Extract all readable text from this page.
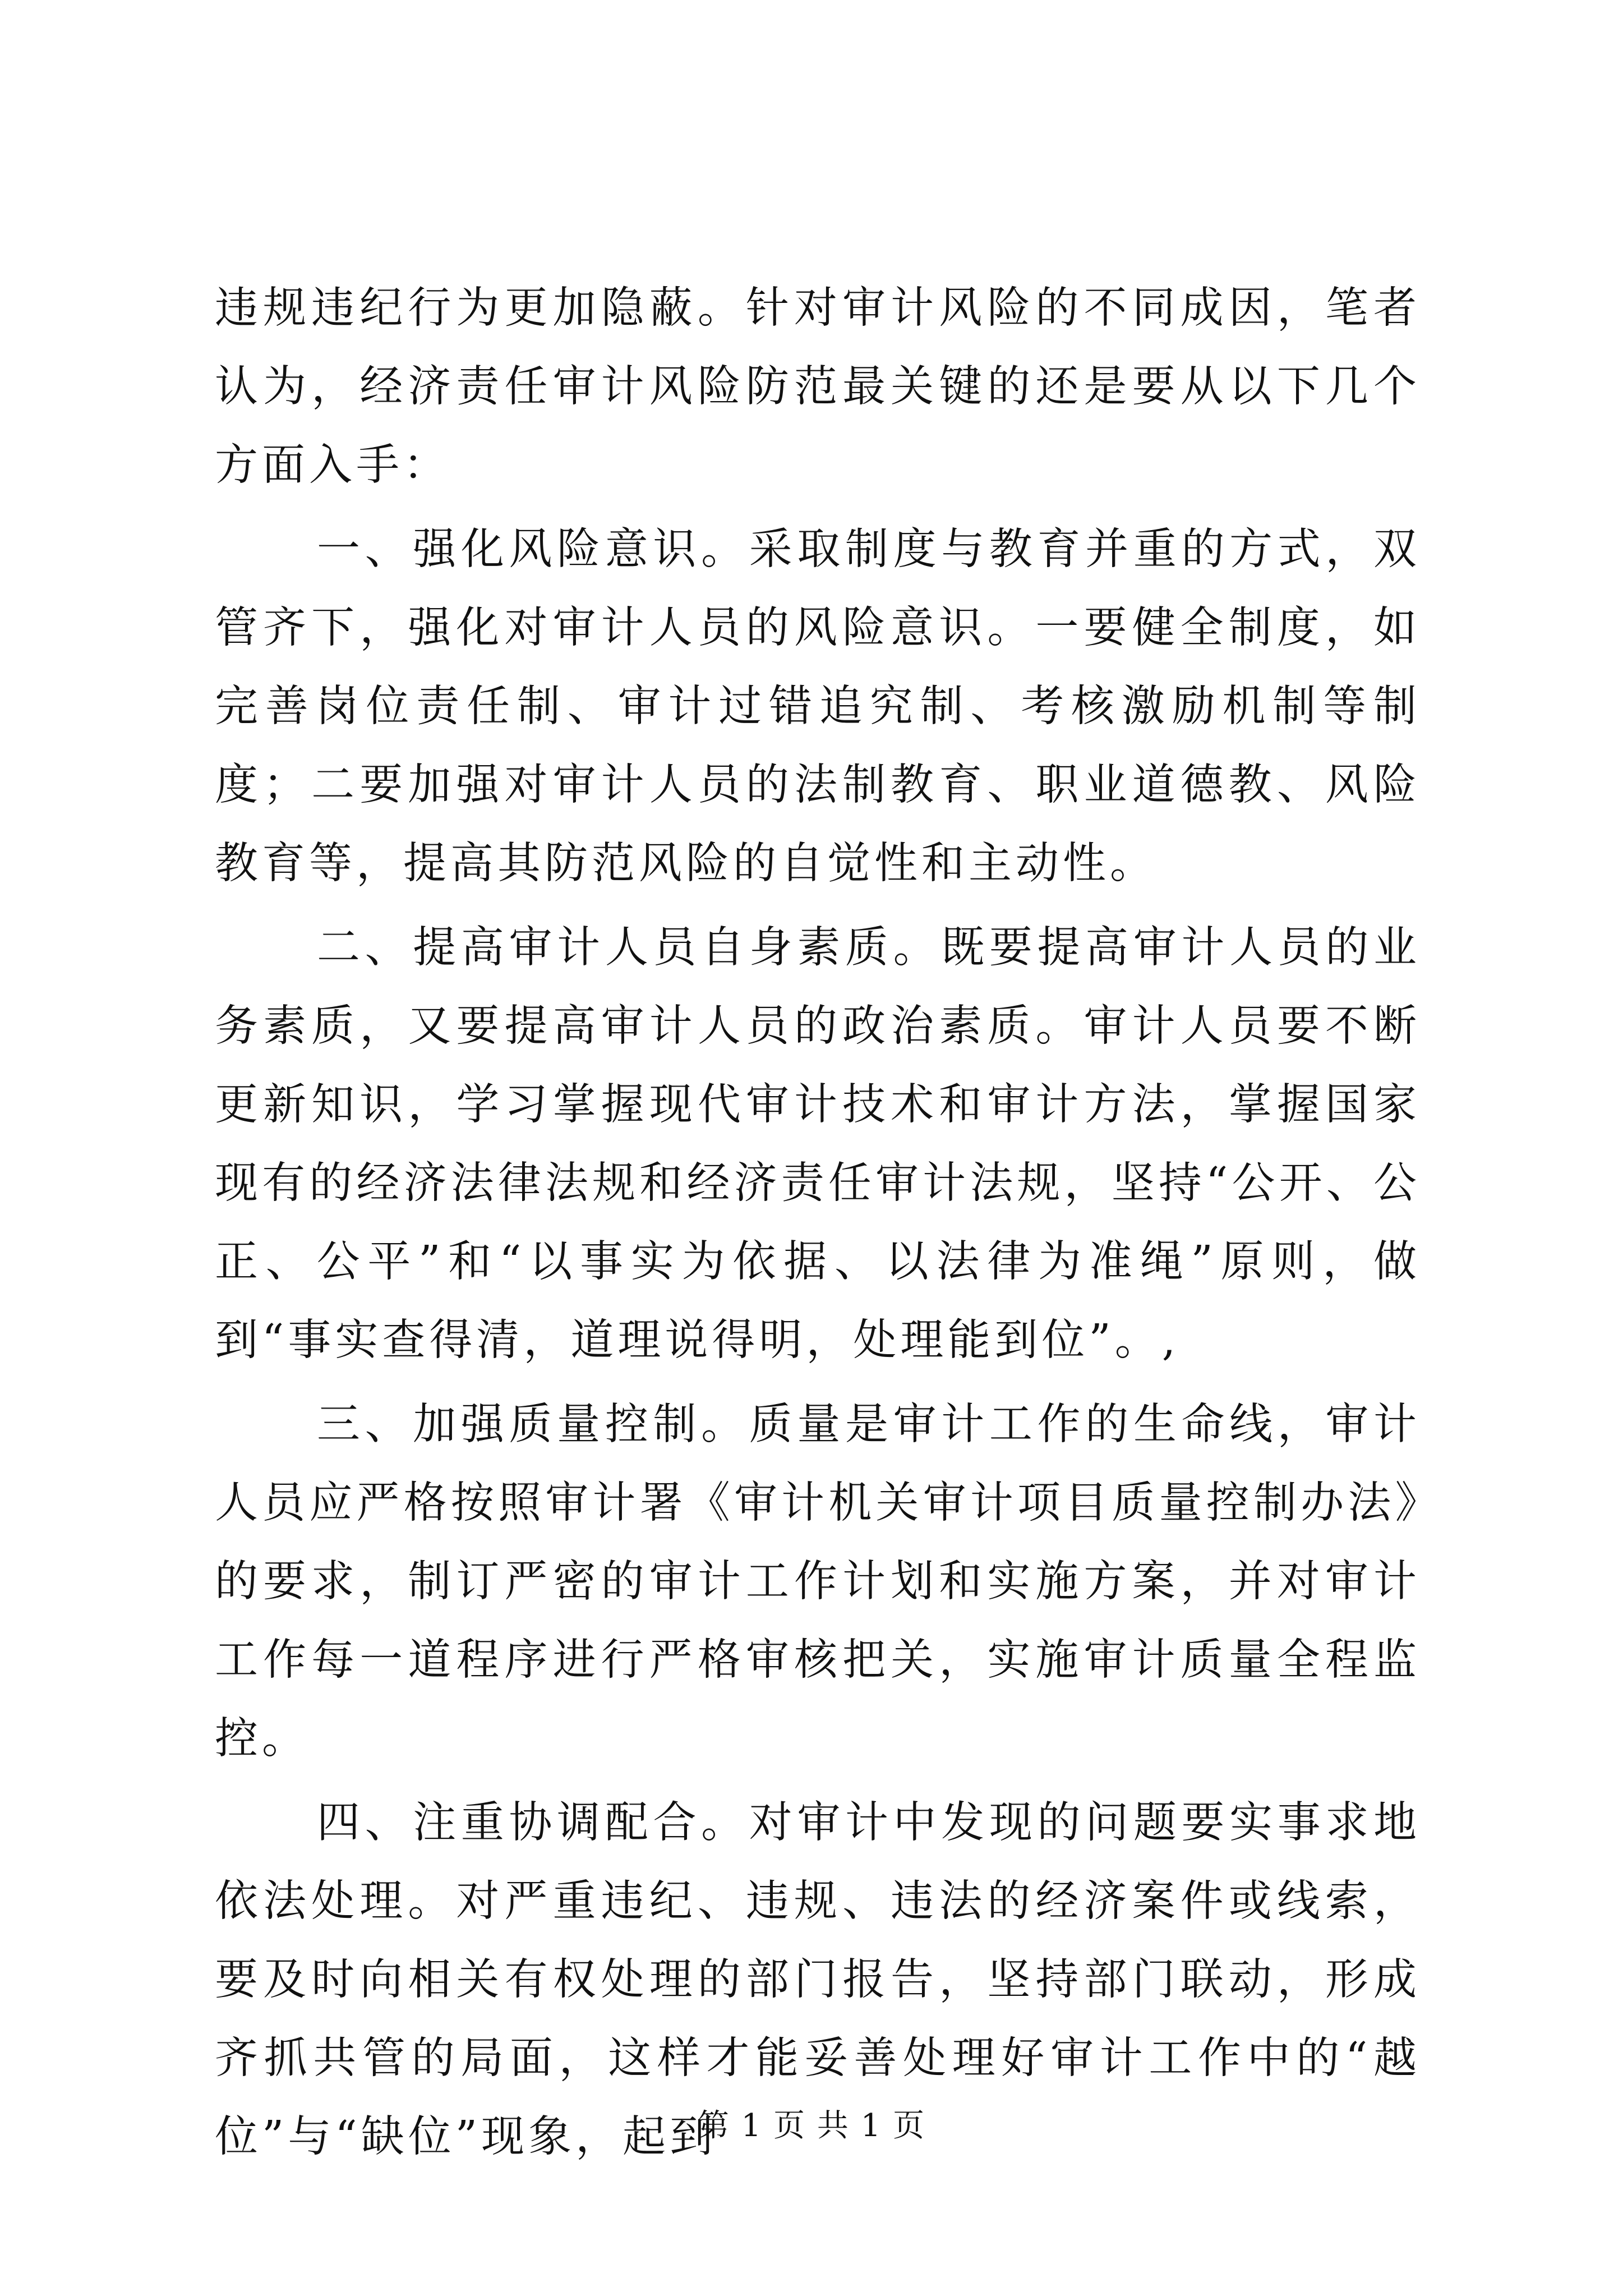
违规违纪行为更加隐蔽。针对审计风险的不同成因，笔者认为，经济责任审计风险防范最关键的还是要从以下几个方面入手：

一、强化风险意识。采取制度与教育并重的方式，双管齐下，强化对审计人员的风险意识。一要健全制度，如完善岗位责任制、审计过错追究制、考核激励机制等制度；二要加强对审计人员的法制教育、职业道德教、风险教育等，提高其防范风险的自觉性和主动性。

二、提高审计人员自身素质。既要提高审计人员的业务素质，又要提高审计人员的政治素质。审计人员要不断更新知识，学习掌握现代审计技术和审计方法，掌握国家现有的经济法律法规和经济责任审计法规，坚持“公开、公正、公平”和“以事实为依据、以法律为准绳”原则，做到“事实查得清，道理说得明，处理能到位”。,

三、加强质量控制。质量是审计工作的生命线，审计人员应严格按照审计署《审计机关审计项目质量控制办法》的要求，制订严密的审计工作计划和实施方案，并对审计工作每一道程序进行严格审核把关，实施审计质量全程监控。

四、注重协调配合。对审计中发现的问题要实事求地依法处理。对严重违纪、违规、违法的经济案件或线索，要及时向相关有权处理的部门报告，坚持部门联动，形成齐抓共管的局面，这样才能妥善处理好审计工作中的“越位”与“缺位”现象，起到

第 1 页 共 1 页
